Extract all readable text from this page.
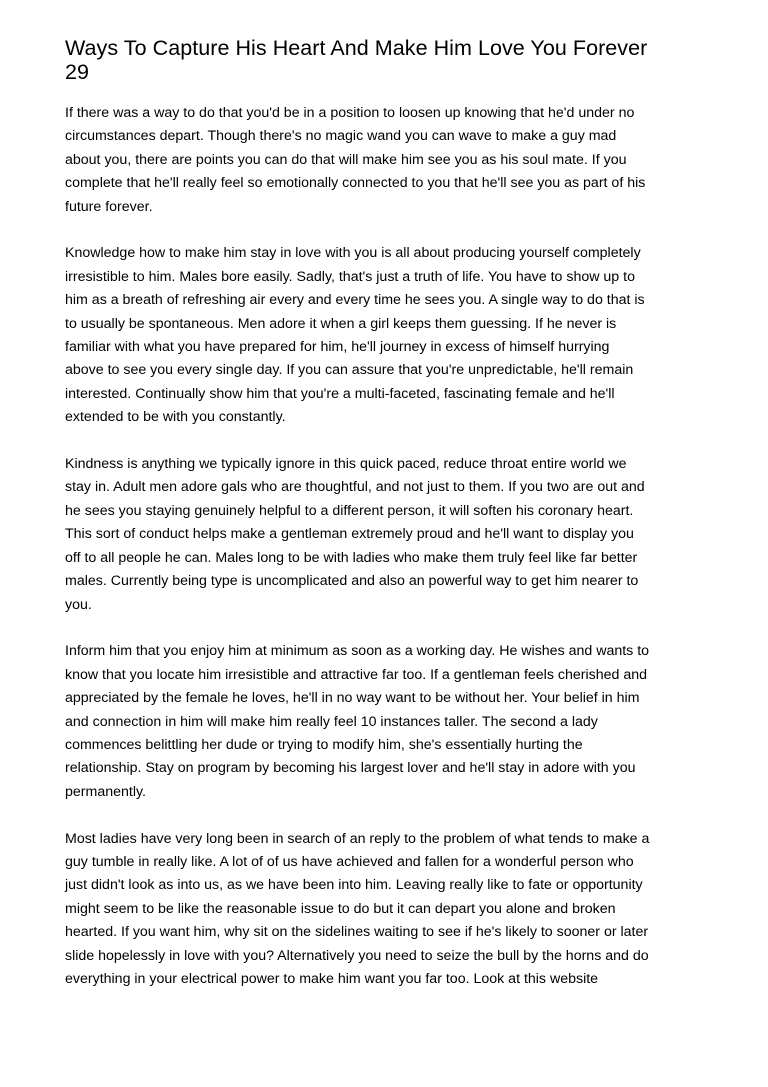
Ways To Capture His Heart And Make Him Love You Forever
29

If there was a way to do that you'd be in a position to loosen up knowing that he'd under no
circumstances depart. Though there's no magic wand you can wave to make a guy mad
about you, there are points you can do that will make him see you as his soul mate. If you
complete that he'll really feel so emotionally connected to you that he'll see you as part of his
future forever.

Knowledge how to make him stay in love with you is all about producing yourself completely
irresistible to him. Males bore easily. Sadly, that's just a truth of life. You have to show up to
him as a breath of refreshing air every and every time he sees you. A single way to do that is
to usually be spontaneous. Men adore it when a girl keeps them guessing. If he never is
familiar with what you have prepared for him, he'll journey in excess of himself hurrying
above to see you every single day. If you can assure that you're unpredictable, he'll remain
interested. Continually show him that you're a multi-faceted, fascinating female and he'll
extended to be with you constantly.

Kindness is anything we typically ignore in this quick paced, reduce throat entire world we
stay in. Adult men adore gals who are thoughtful, and not just to them. If you two are out and
he sees you staying genuinely helpful to a different person, it will soften his coronary heart.
This sort of conduct helps make a gentleman extremely proud and he'll want to display you
off to all people he can. Males long to be with ladies who make them truly feel like far better
males. Currently being type is uncomplicated and also an powerful way to get him nearer to
you.

Inform him that you enjoy him at minimum as soon as a working day. He wishes and wants to
know that you locate him irresistible and attractive far too. If a gentleman feels cherished and
appreciated by the female he loves, he'll in no way want to be without her. Your belief in him
and connection in him will make him really feel 10 instances taller. The second a lady
commences belittling her dude or trying to modify him, she's essentially hurting the
relationship. Stay on program by becoming his largest lover and he'll stay in adore with you
permanently.

Most ladies have very long been in search of an reply to the problem of what tends to make a
guy tumble in really like. A lot of of us have achieved and fallen for a wonderful person who
just didn't look as into us, as we have been into him. Leaving really like to fate or opportunity
might seem to be like the reasonable issue to do but it can depart you alone and broken
hearted. If you want him, why sit on the sidelines waiting to see if he's likely to sooner or later
slide hopelessly in love with you? Alternatively you need to seize the bull by the horns and do
everything in your electrical power to make him want you far too. Look at this website
